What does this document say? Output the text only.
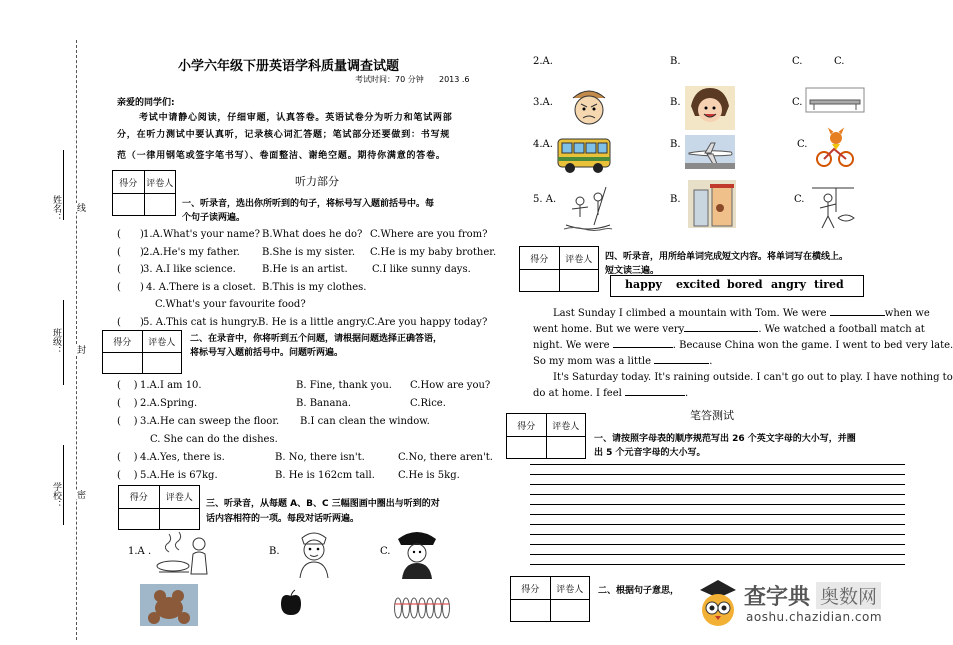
姓名：
班级：
学校：
线
封
密
小学六年级下册英语学科质量调查试题
考试时间：70 分钟      2013 .6
亲爱的同学们:
考试中请静心阅读，仔细审题，认真答卷。英语试卷分为听力和笔试两部
分，在听力测试中要认真听，记录核心词汇答题；笔试部分还要做到：书写规
范（一律用钢笔或签字笔书写）、卷面整洁、谢绝空题。期待你满意的答卷。
得分 评卷人	听力部分
一、听录音，选出你所听到的句子，将标号写入题前括号中。每
个句子读两遍。
(      ) 1.A.What's your name? B.What does he do? C.Where are you from?
(      ) 2.A.He's my father. B.She is my sister. C.He is my baby brother.
(      ) 3. A.I like science.	B.He is an artist. C.I like sunny days.
(      ) 4. A.There is a closet. B.This is my clothes.
C.What's your favourite food?
(      ) 5. A.This cat is hungry.
B. He is a little angry. C.Are you happy today?
得分	评卷人	二、在录音中，你将听到五个问题，请根据问题选择正确答语，
将标号写入题前括号中。问题听两遍。
(    ) 1.A.I am 10.	B. Fine, thank you. C.How are you?
(    ) 2.A.Spring.	B. Banana.	C.Rice.
(    ) 3.A.He can sweep the floor. B.I can clean the window.
C. She can do the dishes.
(    ) 4.A.Yes, there is.	B. No, there isn't.	C.No, there aren't.
(    ) 5.A.He is 67kg.	B. He is 162cm tall. C.He is 5kg.
得分	评卷人
三、听录音，从每题 A、B、C 三幅图画中圈出与听到的对
话内容相符的一项。每段对话听两遍。
1.A .	B.	C.
2.A.	B.	C.	C.
3.A.	B.	C.
4.A.	B.	C.
5. A.	B.	C.
得分	评卷人	四、听录音，用所给单词完成短文内容。将单词写在横线上。
短文读三遍。
happy excited bored angry tired
Last Sunday I climbed a mountain with Tom. We were	when we
went home. But we were very	. We watched a football match at
night. We were	. Because China won the game. I went to bed very late.
So my mom was a little	.
It's Saturday today. It's raining outside. I can't go out to play. I have nothing to
do at home. I feel	.
笔答测试
得分	评卷人
一、请按照字母表的顺序规范写出 26 个英文字母的大小写，并圈
出 5 个元音字母的大小写。
得分	评卷人	二、根据句子意思，	查字典 奥数网
aoshu.chazidian.com
